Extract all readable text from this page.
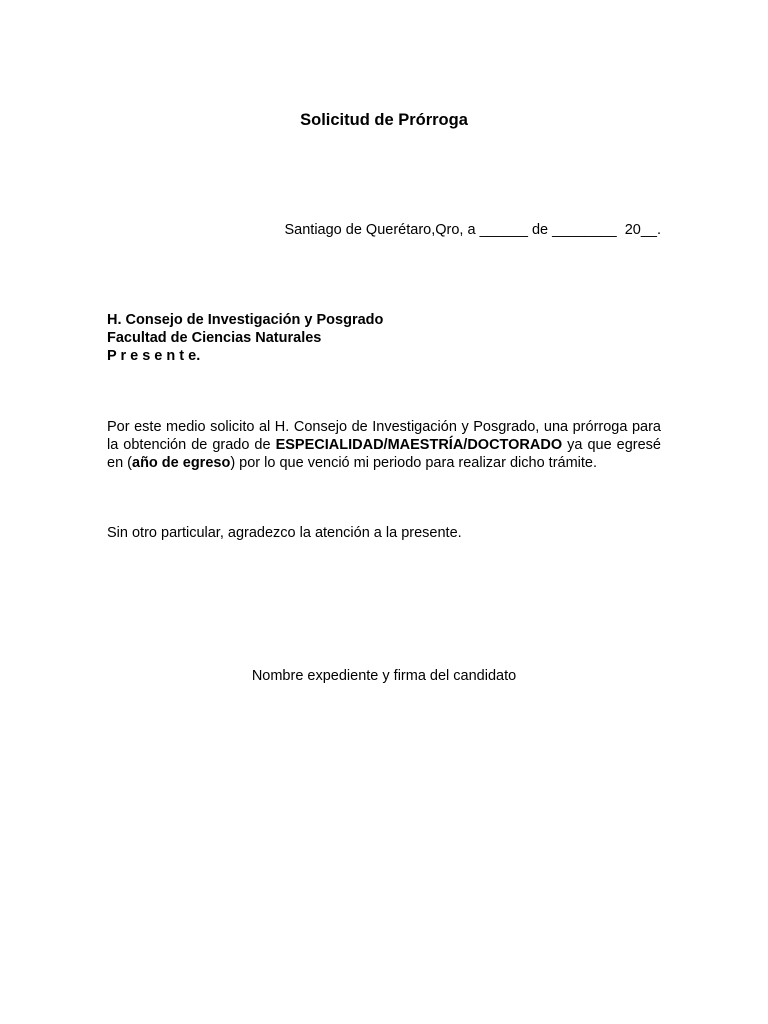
Solicitud de Prórroga
Santiago de Querétaro,Qro, a ______ de ________  20__.
H. Consejo de Investigación y Posgrado
Facultad de Ciencias Naturales
P r e s e n t e.

Por este medio solicito al H. Consejo de Investigación y Posgrado, una prórroga para la obtención de grado de ESPECIALIDAD/MAESTRÍA/DOCTORADO ya que egresé en (año de egreso) por lo que venció mi periodo para realizar dicho trámite.

Sin otro particular, agradezco la atención a la presente.

Nombre expediente y firma del candidato
